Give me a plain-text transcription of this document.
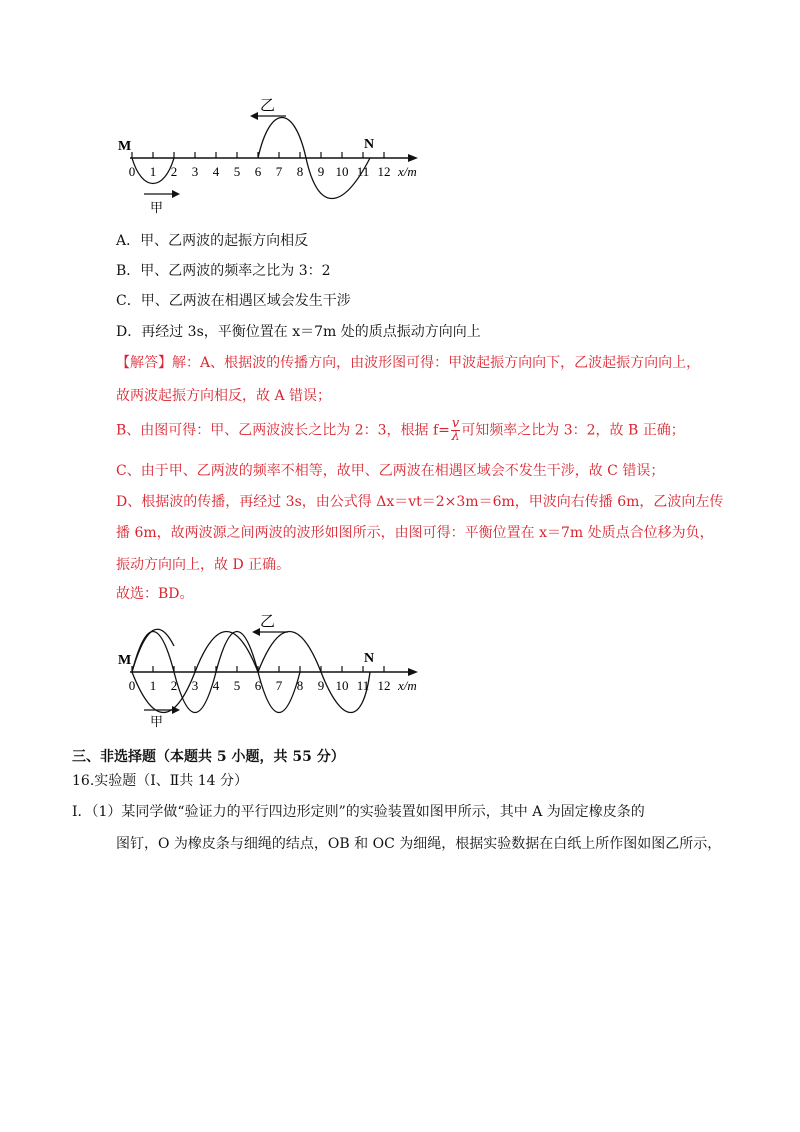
0 1 2 3 4 5 6 7 8 9 10 11 12
M	N
x/m
乙
甲
A．甲、乙两波的起振方向相反
B．甲、乙两波的频率之比为 3：2
C．甲、乙两波在相遇区域会发生干涉
D．再经过 3s，平衡位置在 x＝7m 处的质点振动方向向上
【解答】解：A、根据波的传播方向，由波形图可得：甲波起振方向向下，乙波起振方向向上，
故两波起振方向相反，故 A 错误；
B、由图可得：甲、乙两波波长之比为 2：3，根据 $f= \frac{v}{\lambda}$ 可知频率之比为 3：2，故 B 正确；
C、由于甲、乙两波的频率不相等，故甲、乙两波在相遇区域会不发生干涉，故 C 错误；
D、根据波的传播，再经过 3s，由公式得 Δx＝vt＝2×3m＝6m，甲波向右传播 6m，乙波向左传
播 6m，故两波源之间两波的波形如图所示，由图可得：平衡位置在 x＝7m 处质点合位移为负，
振动方向向上，故 D 正确。
故选：BD。
0 1 2 3 4 5 6 7 8 9 10 11 12
M	N
x/m
乙
甲
三、非选择题（本题共 5 小题，共 55 分）
16.实验题（Ⅰ、Ⅱ共 14 分）
Ⅰ．（1）某同学做“验证力的平行四边形定则”的实验装置如图甲所示，其中 A 为固定橡皮条的
图钉，O 为橡皮条与细绳的结点，OB 和 OC 为细绳，根据实验数据在白纸上所作图如图乙所示，
